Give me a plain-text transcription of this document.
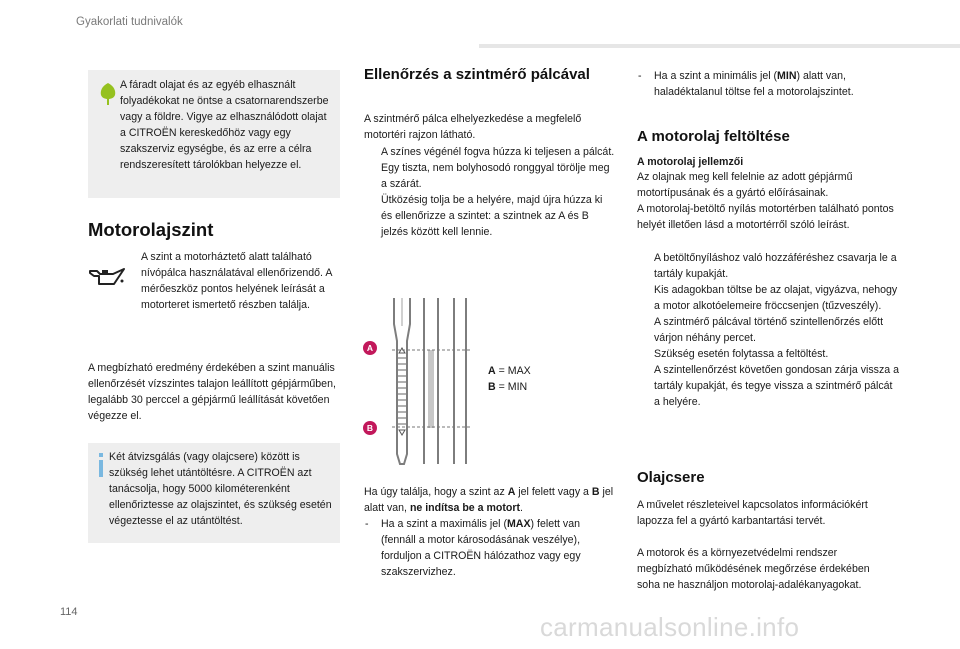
Gyakorlati tudnivalók

A fáradt olajat és az egyéb elhasznált folyadékokat ne öntse a csatornarendszerbe vagy a földre. Vigye az elhasználódott olajat a CITROËN kereskedőhöz vagy egy szakszerviz egységbe, és az erre a célra rendszeresített tárolókban helyezze el.

Motorolajszint

A szint a motorháztető alatt található nívópálca használatával ellenőrizendő. A mérőeszköz pontos helyének leírását a motorteret ismertető részben találja.

A megbízható eredmény érdekében a szint manuális ellenőrzését vízszintes talajon leállított gépjárműben, legalább 30 perccel a gépjármű leállítását követően végezze el.

Két átvizsgálás (vagy olajcsere) között is szükség lehet utántöltésre. A CITROËN azt tanácsolja, hogy 5000 kilométerenként ellenőriztesse az olajszintet, és szükség esetén végeztesse el az utántöltést.

Ellenőrzés a szintmérő pálcával

A szintmérő pálca elhelyezkedése a megfelelő motortéri rajzon látható.

A színes végénél fogva húzza ki teljesen a pálcát.
Egy tiszta, nem bolyhosodó ronggyal törölje meg a szárát.
Ütközésig tolja be a helyére, majd újra húzza ki és ellenőrizze a szintet: a szintnek az A és B jelzés között kell lennie.
A
B
A = MAX
B = MIN

Ha úgy találja, hogy a szint az A jel felett vagy a B jel alatt van, ne indítsa be a motort.

- Ha a szint a maximális jel (MAX) felett van (fennáll a motor károsodásának veszélye), forduljon a CITROËN hálózathoz vagy egy szakszervizhez.
- Ha a szint a minimális jel (MIN) alatt van, haladéktalanul töltse fel a motorolajszintet.
A motorolaj feltöltése

A motorolaj jellemzői

Az olajnak meg kell felelnie az adott gépjármű motortípusának és a gyártó előírásainak.

A motorolaj-betöltő nyílás motortérben található pontos helyét illetően lásd a motortérről szóló leírást.

A betöltőnyíláshoz való hozzáféréshez csavarja le a tartály kupakját.
Kis adagokban töltse be az olajat, vigyázva, nehogy a motor alkotóelemeire fröccsenjen (tűzveszély).
A szintmérő pálcával történő szintellenőrzés előtt várjon néhány percet.
Szükség esetén folytassa a feltöltést.
A szintellenőrzést követően gondosan zárja vissza a tartály kupakját, és tegye vissza a szintmérő pálcát a helyére.
Olajcsere

A művelet részleteivel kapcsolatos információkért lapozza fel a gyártó karbantartási tervét.

A motorok és a környezetvédelmi rendszer megbízható működésének megőrzése érdekében soha ne használjon motorolaj-adalékanyagokat.

114	carmanualsonline.info
